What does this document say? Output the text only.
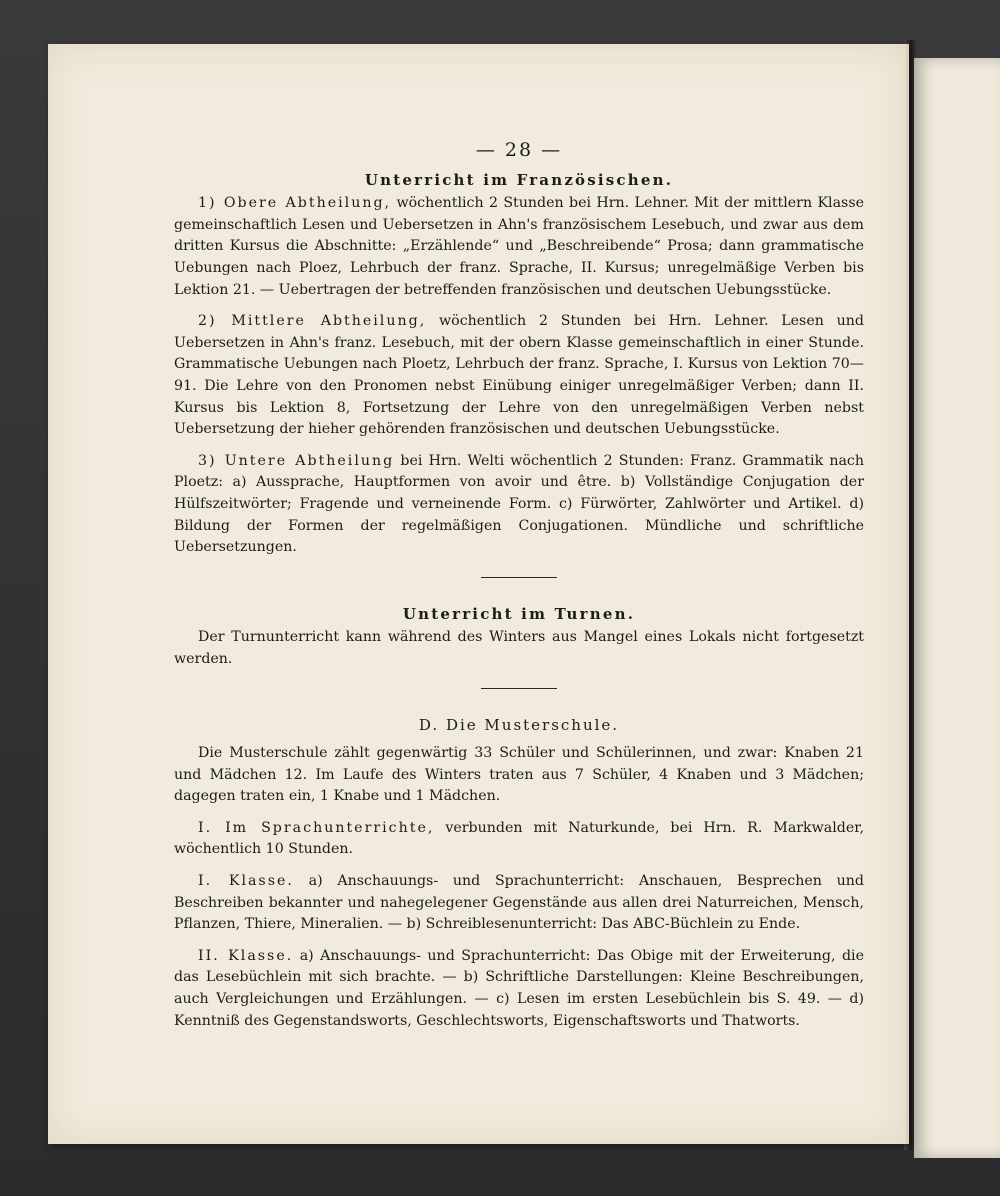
— 28 —
Unterricht im Französischen.

1) Obere Abtheilung, wöchentlich 2 Stunden bei Hrn. Lehner. Mit der mittlern Klasse gemeinschaftlich Lesen und Uebersetzen in Ahn's französischem Lesebuch, und zwar aus dem dritten Kursus die Abschnitte: „Erzählende“ und „Beschreibende“ Prosa; dann grammatische Uebungen nach Ploez, Lehrbuch der franz. Sprache, II. Kursus; unregelmäßige Verben bis Lektion 21. — Uebertragen der betreffenden französischen und deutschen Uebungsstücke.

2) Mittlere Abtheilung, wöchentlich 2 Stunden bei Hrn. Lehner. Lesen und Uebersetzen in Ahn's franz. Lesebuch, mit der obern Klasse gemeinschaftlich in einer Stunde. Grammatische Uebungen nach Ploetz, Lehrbuch der franz. Sprache, I. Kursus von Lektion 70—91. Die Lehre von den Pronomen nebst Einübung einiger unregelmäßiger Verben; dann II. Kursus bis Lektion 8, Fortsetzung der Lehre von den unregelmäßigen Verben nebst Uebersetzung der hieher gehörenden französischen und deutschen Uebungsstücke.

3) Untere Abtheilung bei Hrn. Welti wöchentlich 2 Stunden: Franz. Grammatik nach Ploetz: a) Aussprache, Hauptformen von avoir und être. b) Vollständige Conjugation der Hülfszeitwörter; Fragende und verneinende Form. c) Fürwörter, Zahlwörter und Artikel. d) Bildung der Formen der regelmäßigen Conjugationen. Mündliche und schriftliche Uebersetzungen.

Unterricht im Turnen.

Der Turnunterricht kann während des Winters aus Mangel eines Lokals nicht fortgesetzt werden.

D. Die Musterschule.

Die Musterschule zählt gegenwärtig 33 Schüler und Schülerinnen, und zwar: Knaben 21 und Mädchen 12. Im Laufe des Winters traten aus 7 Schüler, 4 Knaben und 3 Mädchen; dagegen traten ein, 1 Knabe und 1 Mädchen.

I. Im Sprachunterrichte, verbunden mit Naturkunde, bei Hrn. R. Markwalder, wöchentlich 10 Stunden.

I. Klasse. a) Anschauungs- und Sprachunterricht: Anschauen, Besprechen und Beschreiben bekannter und nahegelegener Gegenstände aus allen drei Naturreichen, Mensch, Pflanzen, Thiere, Mineralien. — b) Schreiblesenunterricht: Das ABC-Büchlein zu Ende.

II. Klasse. a) Anschauungs- und Sprachunterricht: Das Obige mit der Erweiterung, die das Lesebüchlein mit sich brachte. — b) Schriftliche Darstellungen: Kleine Beschreibungen, auch Vergleichungen und Erzählungen. — c) Lesen im ersten Lesebüchlein bis S. 49. — d) Kenntniß des Gegenstandsworts, Geschlechtsworts, Eigenschaftsworts und Thatworts.
